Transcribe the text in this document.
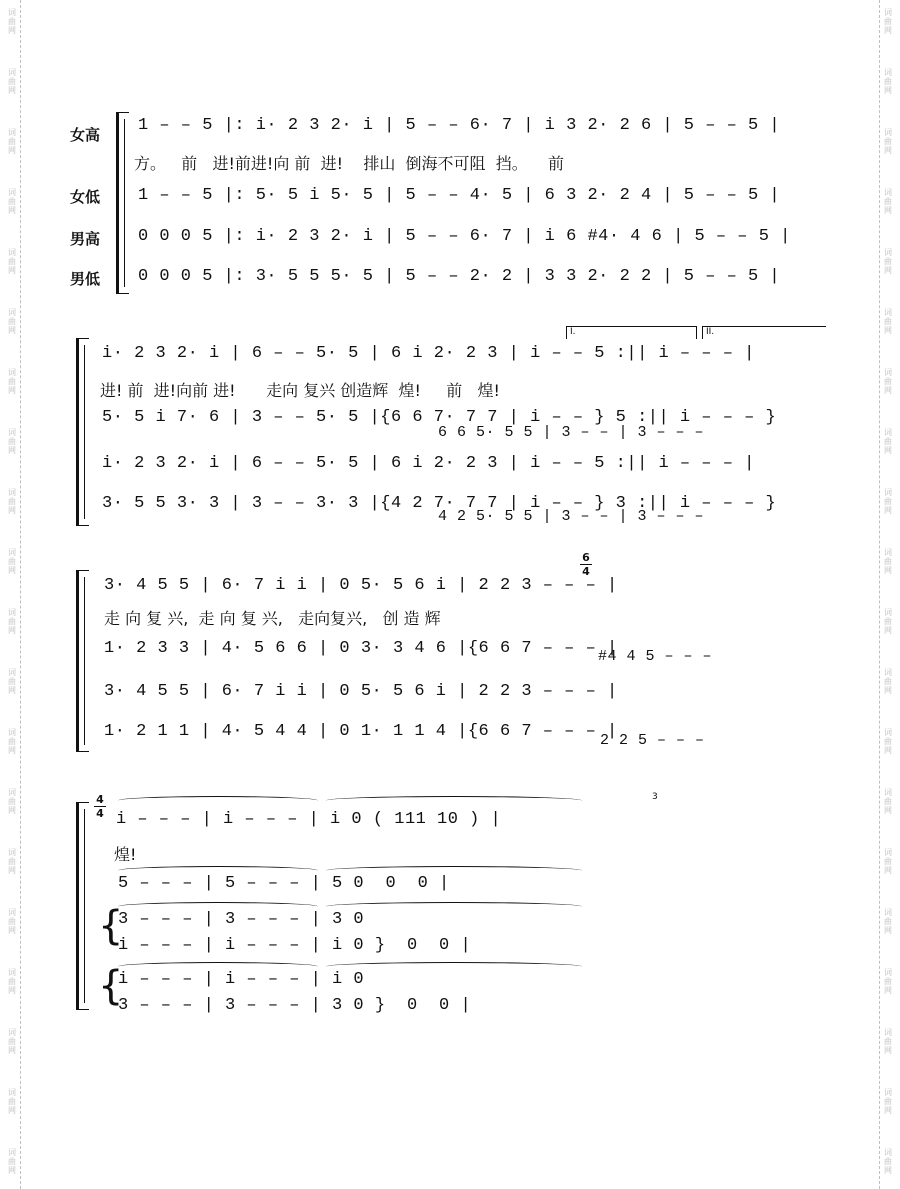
词
曲
网
词
曲
网
词
曲
网
词
曲
网
词
曲
网
词
曲
网
词
曲
网
词
曲
网
词
曲
网
词
曲
网
词
曲
网
词
曲
网
词
曲
网
词
曲
网
词
曲
网
词
曲
网
词
曲
网
词
曲
网
词
曲
网
词
曲
网
词
曲
网
词
曲
网
词
曲
网
词
曲
网
词
曲
网
词
曲
网
词
曲
网
词
曲
网
词
曲
网
词
曲
网
词
曲
网
词
曲
网
词
曲
网
词
曲
网
词
曲
网
词
曲
网
词
曲
网
词
曲
网
词
曲
网
词
曲
网
女高
女低
男高
男低
1 – – 5 |: i· 2 3 2· i | 5 – – 6· 7 | i 3 2· 2 6 | 5 – – 5 |
方。   前   进!前进!向 前  进!    排山  倒海不可阻  挡。    前
1 – – 5 |: 5· 5 i 5· 5 | 5 – – 4· 5 | 6 3 2· 2 4 | 5 – – 5 |
0 0 0 5 |: i· 2 3 2· i | 5 – – 6· 7 | i 6 #4· 4 6 | 5 – – 5 |
0 0 0 5 |: 3· 5 5 5· 5 | 5 – – 2· 2 | 3 3 2· 2 2 | 5 – – 5 |
I.	II.
i· 2 3 2· i | 6 – – 5· 5 | 6 i 2· 2 3 | i – – 5 :|| i – – – |
进! 前  进!向前 进!      走向 复兴 创造辉  煌!     前   煌!
5· 5 i 7· 6 | 3 – – 5· 5 |{6 6 7· 7 7 | i – – } 5 :|| i – – – }
6 6 5· 5 5 | 3 – – | 3 – – –
i· 2 3 2· i | 6 – – 5· 5 | 6 i 2· 2 3 | i – – 5 :|| i – – – |
3· 5 5 3· 3 | 3 – – 3· 3 |{4 2 7· 7 7 | i – – } 3 :|| i – – – }
4 2 5· 5 5 | 3 – – | 3 – – –
6
4
3· 4 5 5 | 6· 7 i i | 0 5· 5 6 i | 2 2 3 – – – |
走 向 复 兴,  走 向 复 兴,   走向复兴,   创 造 辉
1· 2 3 3 | 4· 5 6 6 | 0 3· 3 4 6 |{6 6 7 – – – |
#4 4 5 – – –
3· 4 5 5 | 6· 7 i i | 0 5· 5 6 i | 2 2 3 – – – |
1· 2 1 1 | 4· 5 4 4 | 0 1· 1 1 4 |{6 6 7 – – – |
2 2 5 – – –
4
4
3
i – – – | i – – – | i 0 ( 111 10 ) |
煌!
5 – – – | 5 – – – | 5 0  0  0 |
{
3 – – – | 3 – – – | 3 0
i – – – | i – – – | i 0 }  0  0 |
{
i – – – | i – – – | i 0
3 – – – | 3 – – – | 3 0 }  0  0 |
